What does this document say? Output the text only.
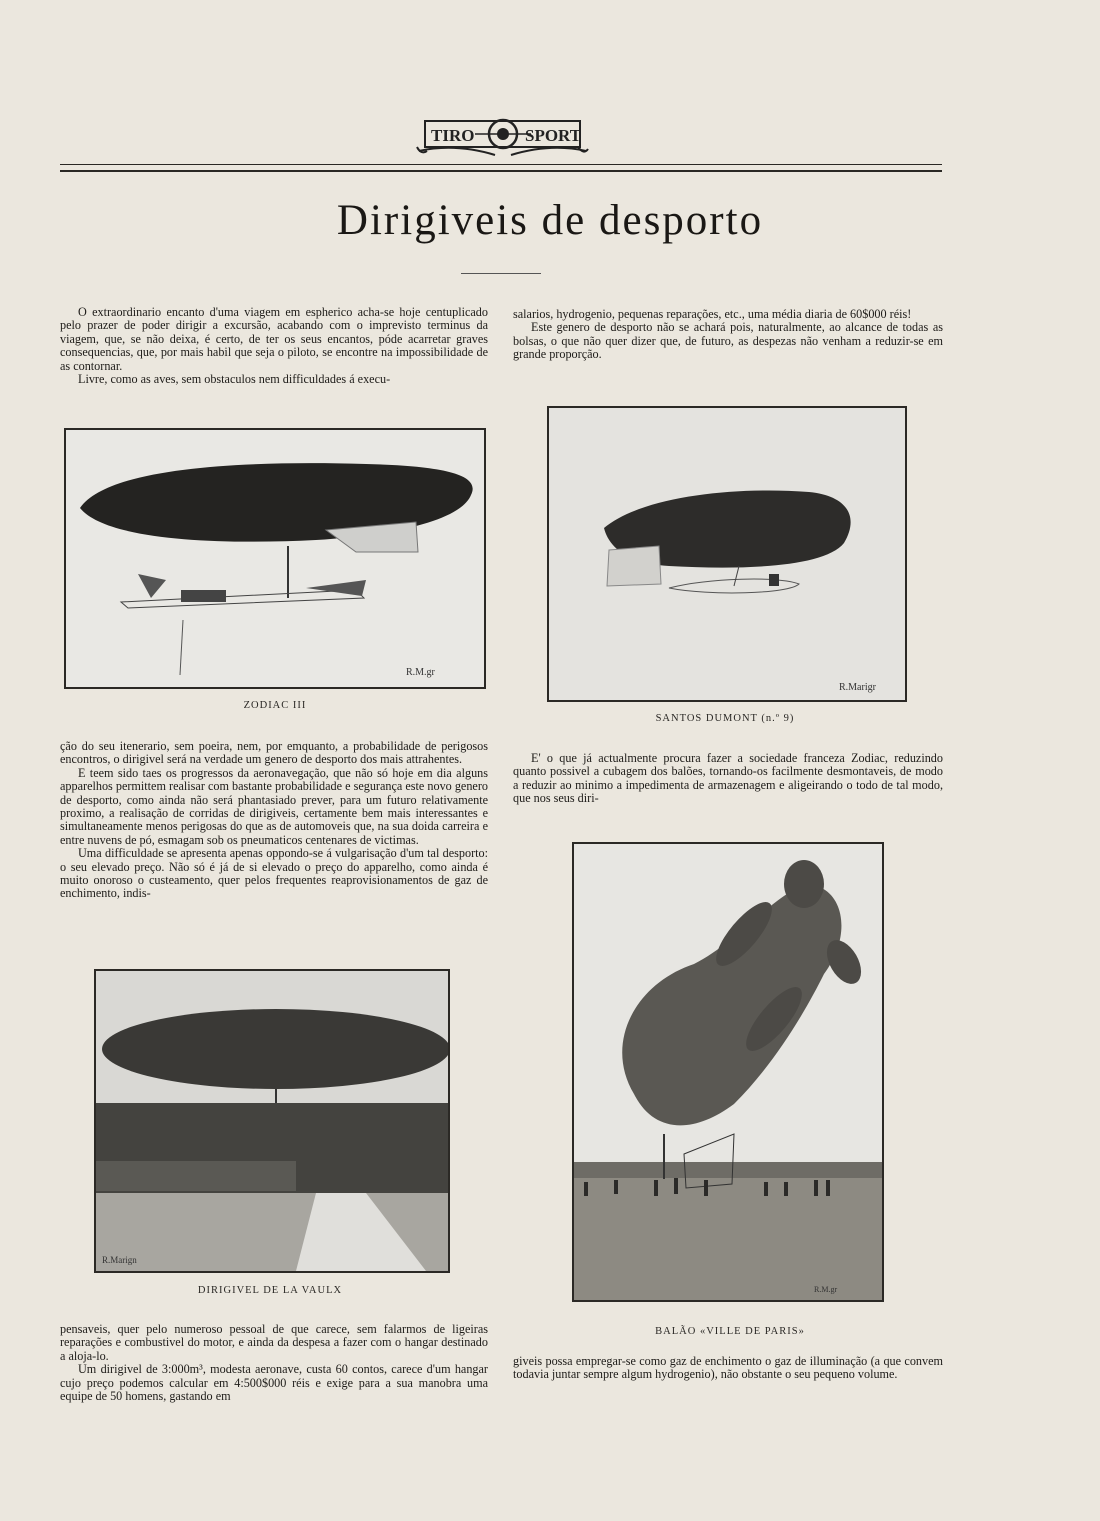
TIRO	SPORT
Dirigiveis de desporto

O extraordinario encanto d'uma viagem em espherico acha-se hoje centuplicado pelo prazer de poder dirigir a excursão, acabando com o imprevisto terminus da viagem, que, se não deixa, é certo, de ter os seus encantos, póde acarretar graves consequencias, que, por mais habil que seja o piloto, se encontre na impossibilidade de as contornar.

Livre, como as aves, sem obstaculos nem difficuldades á execu-

salarios, hydrogenio, pequenas reparações, etc., uma média diaria de 60$000 réis!

Este genero de desporto não se achará pois, naturalmente, ao alcance de todas as bolsas, o que não quer dizer que, de futuro, as despezas não venham a reduzir-se em grande proporção.

R.M.gr
ZODIAC III
R.Marigr
SANTOS DUMONT (n.º 9)

ção do seu itenerario, sem poeira, nem, por emquanto, a probabilidade de perigosos encontros, o dirigivel será na verdade um genero de desporto dos mais attrahentes.

E teem sido taes os progressos da aeronavegação, que não só hoje em dia alguns apparelhos permittem realisar com bastante probabilidade e segurança este novo genero de desporto, como ainda não será phantasiado prever, para um futuro relativamente proximo, a realisação de corridas de dirigiveis, certamente bem mais interessantes e simultaneamente menos perigosas do que as de automoveis que, na sua doida carreira e entre nuvens de pó, esmagam sob os pneumaticos centenares de victimas.

Uma difficuldade se apresenta apenas oppondo-se á vulgarisação d'um tal desporto: o seu elevado preço. Não só é já de si elevado o preço do apparelho, como ainda é muito onoroso o custeamento, quer pelos frequentes reaprovisionamentos de gaz de enchimento, indis-

E' o que já actualmente procura fazer a sociedade franceza Zodiac, reduzindo quanto possivel a cubagem dos balões, tornando-os facilmente desmontaveis, de modo a reduzir ao minimo a impedimenta de armazenagem e aligeirando o todo de tal modo, que nos seus diri-

R.M.gr
BALÃO «VILLE DE PARIS»
R.Marign
DIRIGIVEL DE LA VAULX

pensaveis, quer pelo numeroso pessoal de que carece, sem falarmos de ligeiras reparações e combustivel do motor, e ainda da despesa a fazer com o hangar destinado a aloja-lo.

Um dirigivel de 3:000m³, modesta aeronave, custa 60 contos, carece d'um hangar cujo preço podemos calcular em 4:500$000 réis e exige para a sua manobra uma equipe de 50 homens, gastando em

giveis possa empregar-se como gaz de enchimento o gaz de illuminação (a que convem todavia juntar sempre algum hydrogenio), não obstante o seu pequeno volume.
